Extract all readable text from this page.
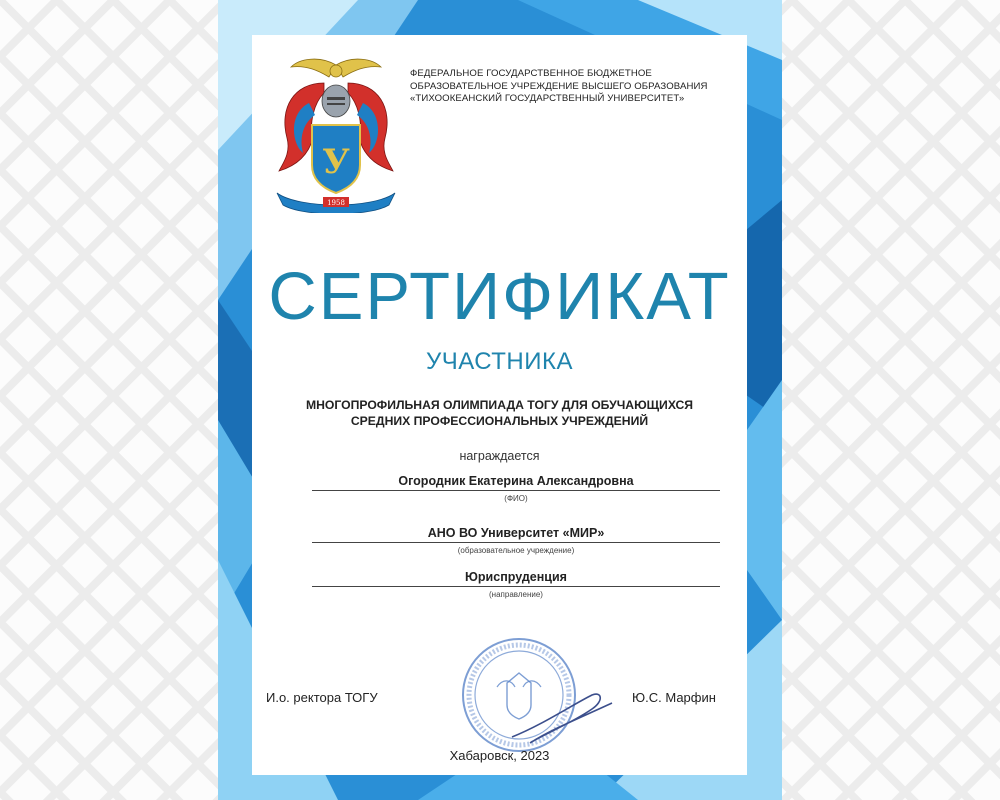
У
1958
ФЕДЕРАЛЬНОЕ ГОСУДАРСТВЕННОЕ БЮДЖЕТНОЕ
ОБРАЗОВАТЕЛЬНОЕ УЧРЕЖДЕНИЕ ВЫСШЕГО ОБРАЗОВАНИЯ
«ТИХООКЕАНСКИЙ ГОСУДАРСТВЕННЫЙ УНИВЕРСИТЕТ»
СЕРТИФИКАТ
УЧАСТНИКА
МНОГОПРОФИЛЬНАЯ ОЛИМПИАДА ТОГУ ДЛЯ ОБУЧАЮЩИХСЯ
СРЕДНИХ ПРОФЕССИОНАЛЬНЫХ УЧРЕЖДЕНИЙ
награждается
Огородник Екатерина Александровна
(ФИО)
АНО ВО Университет «МИР»
(образовательное учреждение)
Юриспруденция
(направление)
И.о. ректора ТОГУ	Ю.С. Марфин
Хабаровск, 2023
